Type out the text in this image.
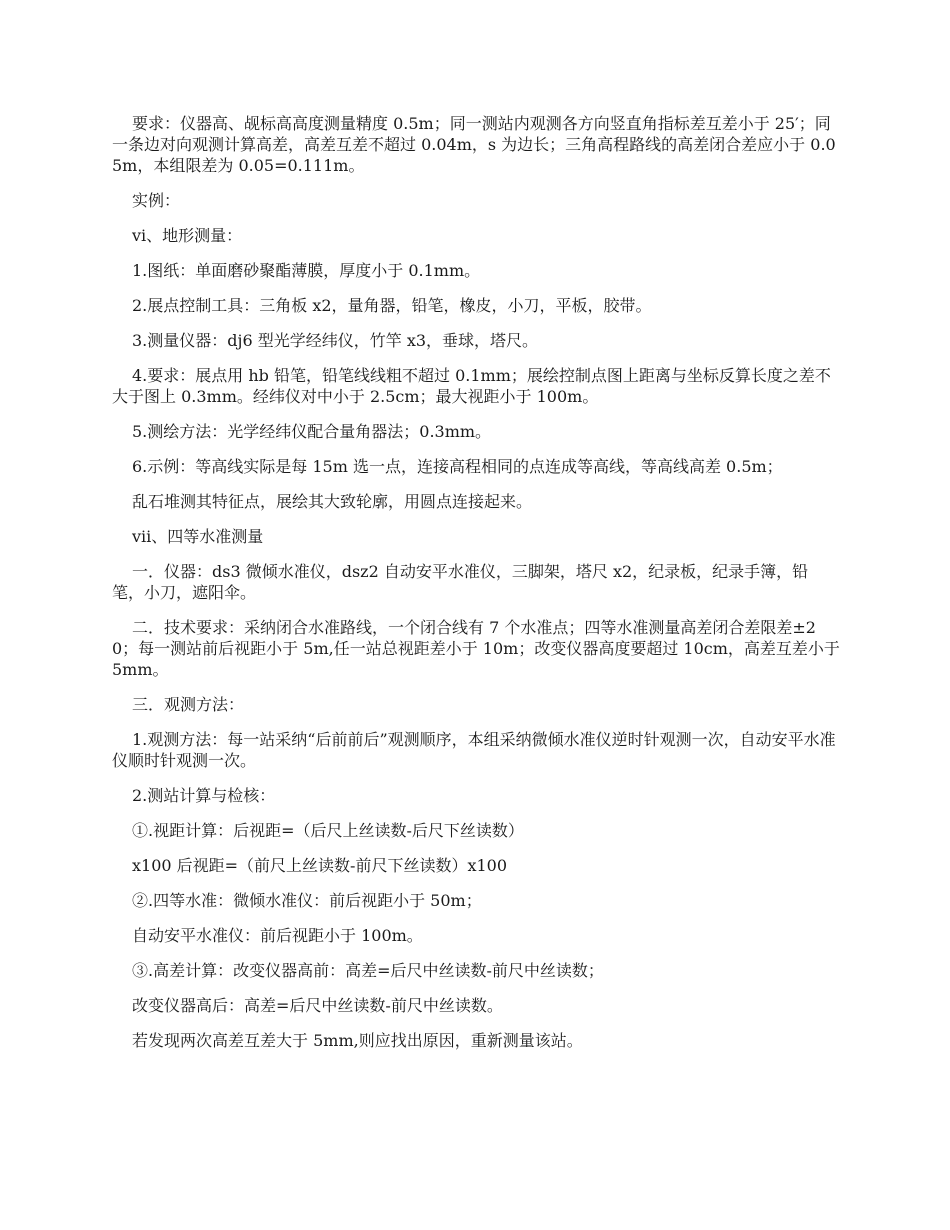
要求：仪器高、觇标高高度测量精度 0.5m；同一测站内观测各方向竖直角指标差互差小于 25′；同一条边对向观测计算高差，高差互差不超过 0.04m，s 为边长；三角高程路线的高差闭合差应小于 0.05m，本组限差为 0.05=0.111m。

实例：

ⅵ、地形测量：

1.图纸：单面磨砂聚酯薄膜，厚度小于 0.1mm。

2.展点控制工具：三角板 x2，量角器，铅笔，橡皮，小刀，平板，胶带。

3.测量仪器：dj6 型光学经纬仪，竹竿 x3，垂球，塔尺。

4.要求：展点用 hb 铅笔，铅笔线线粗不超过 0.1mm；展绘控制点图上距离与坐标反算长度之差不大于图上 0.3mm。经纬仪对中小于 2.5cm；最大视距小于 100m。

5.测绘方法：光学经纬仪配合量角器法；0.3mm。

6.示例：等高线实际是每 15m 选一点，连接高程相同的点连成等高线，等高线高差 0.5m；

乱石堆测其特征点，展绘其大致轮廓，用圆点连接起来。

ⅶ、四等水准测量

一．仪器：ds3 微倾水准仪，dsz2 自动安平水准仪，三脚架，塔尺 x2，纪录板，纪录手簿，铅笔，小刀，遮阳伞。

二．技术要求：采纳闭合水准路线，一个闭合线有 7 个水准点；四等水准测量高差闭合差限差±20；每一测站前后视距小于 5m,任一站总视距差小于 10m；改变仪器高度要超过 10cm，高差互差小于 5mm。

三．观测方法：

1.观测方法：每一站采纳“后前前后”观测顺序，本组采纳微倾水准仪逆时针观测一次，自动安平水准仪顺时针观测一次。

2.测站计算与检核：

①.视距计算：后视距=（后尺上丝读数-后尺下丝读数）

x100 后视距=（前尺上丝读数-前尺下丝读数）x100

②.四等水准：微倾水准仪：前后视距小于 50m；

自动安平水准仪：前后视距小于 100m。

③.高差计算：改变仪器高前：高差=后尺中丝读数-前尺中丝读数；

改变仪器高后：高差=后尺中丝读数-前尺中丝读数。

若发现两次高差互差大于 5mm,则应找出原因，重新测量该站。
